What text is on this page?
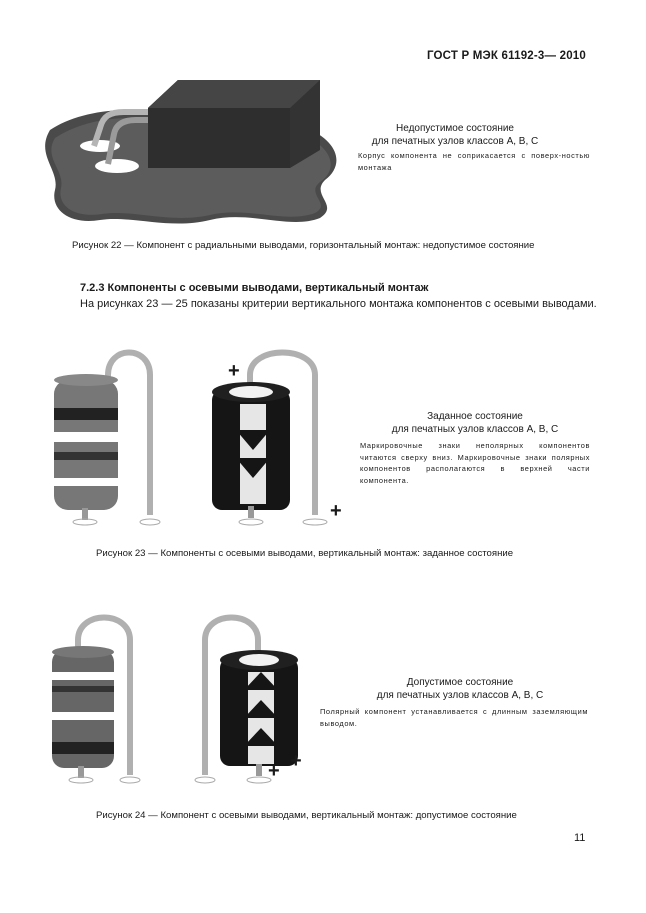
ГОСТ Р МЭК 61192-3— 2010
Недопустимое состояние
для печатных узлов классов A, B, C
Корпус компонента не соприкасается с поверх-ностью монтажа
Рисунок 22 — Компонент с радиальными выводами, горизонтальный монтаж: недопустимое состояние
7.2.3 Компоненты с осевыми выводами, вертикальный монтаж
На рисунках 23 — 25 показаны критерии вертикального монтажа компонентов с осевыми выводами.
+
+
Заданное состояние
для печатных узлов классов A, B, C
Маркировочные знаки неполярных компонентов читаются сверху вниз. Маркировочные знаки полярных компонентов располагаются в верхней части компонента.
Рисунок 23 — Компоненты с осевыми выводами, вертикальный монтаж: заданное состояние
+ +
Допустимое состояние
для печатных узлов классов A, B, C
Полярный компонент устанавливается с длинным заземляющим выводом.
Рисунок 24 — Компонент с осевыми выводами, вертикальный монтаж: допустимое состояние
11
